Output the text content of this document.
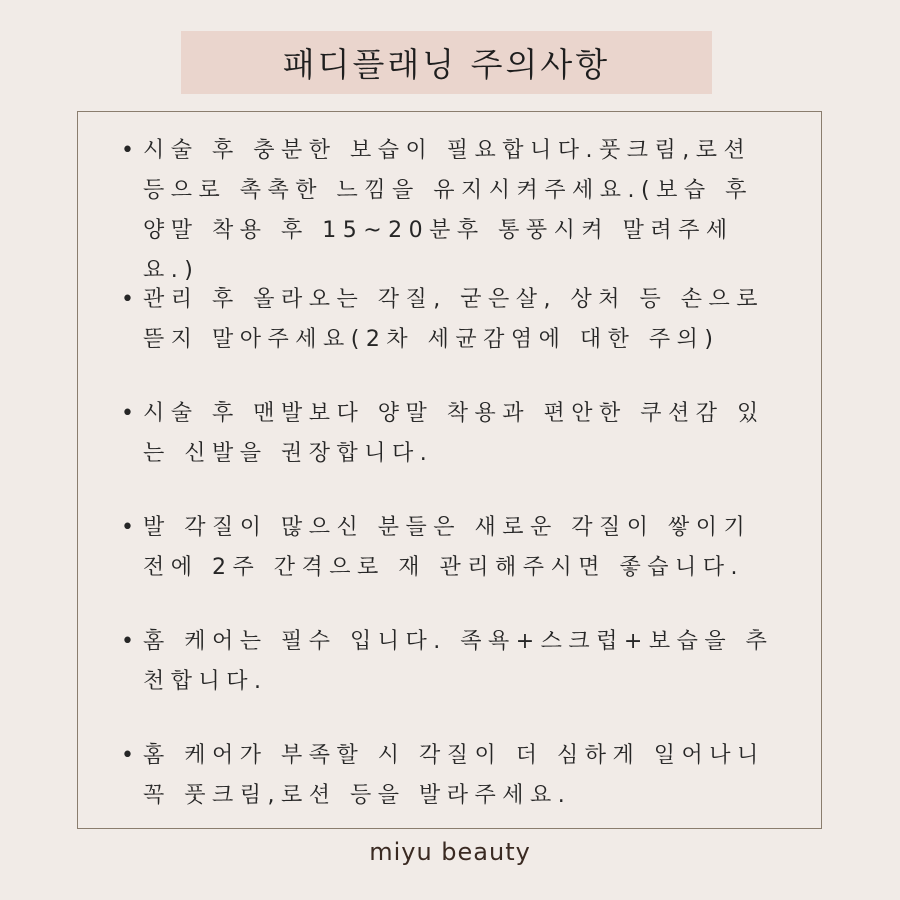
패디플래닝 주의사항
• 시술 후 충분한 보습이 필요합니다.풋크림,로션 등으로 촉촉한 느낌을 유지시켜주세요.(보습 후 양말 착용 후 15~20분후 통풍시켜 말려주세요.)
• 관리 후 올라오는 각질, 굳은살, 상처 등 손으로 뜯지 말아주세요(2차 세균감염에 대한 주의)
• 시술 후 맨발보다 양말 착용과 편안한 쿠션감 있는 신발을 권장합니다.
• 발 각질이 많으신 분들은 새로운 각질이 쌓이기 전에 2주 간격으로 재 관리해주시면 좋습니다.
• 홈 케어는 필수 입니다. 족욕+스크럽+보습을 추천합니다.
• 홈 케어가 부족할 시 각질이 더 심하게 일어나니 꼭 풋크림,로션 등을 발라주세요.
miyu beauty
